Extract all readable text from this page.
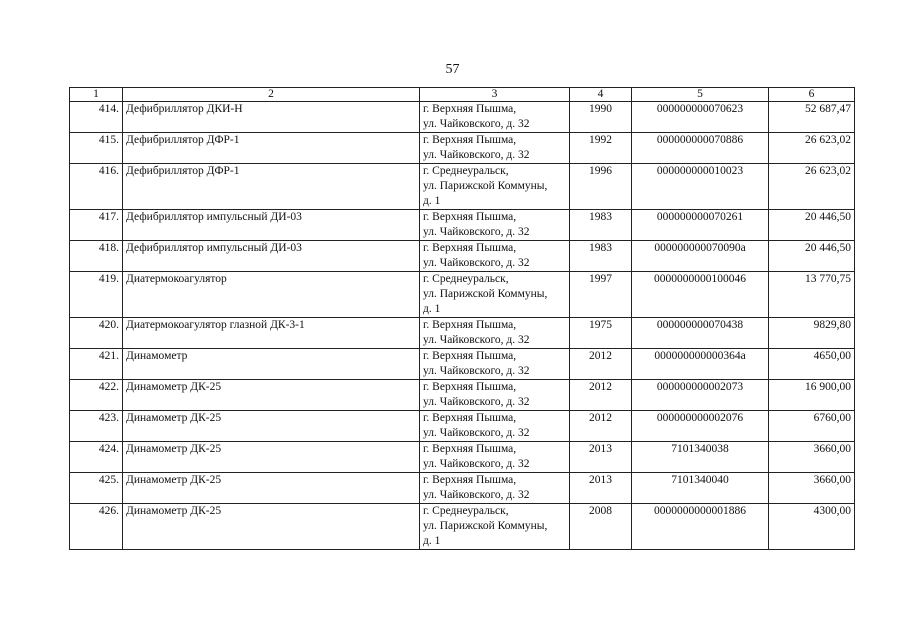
57
1	2	3	4	5	6
414.	Дефибриллятор ДКИ-Н	г. Верхняя Пышма,
ул. Чайковского, д. 32	1990	000000000070623	52 687,47
415.	Дефибриллятор ДФР-1	г. Верхняя Пышма,
ул. Чайковского, д. 32	1992	000000000070886	26 623,02
416.	Дефибриллятор ДФР-1	г. Среднеуральск,
ул. Парижской Коммуны,
д. 1	1996	000000000010023	26 623,02
417.	Дефибриллятор импульсный ДИ-03	г. Верхняя Пышма,
ул. Чайковского, д. 32	1983	000000000070261	20 446,50
418.	Дефибриллятор импульсный ДИ-03	г. Верхняя Пышма,
ул. Чайковского, д. 32	1983	000000000070090а	20 446,50
419.	Диатермокоагулятор	г. Среднеуральск,
ул. Парижской Коммуны,
д. 1	1997	0000000000100046	13 770,75
420.	Диатермокоагулятор глазной ДК-3-1	г. Верхняя Пышма,
ул. Чайковского, д. 32	1975	000000000070438	9829,80
421.	Динамометр	г. Верхняя Пышма,
ул. Чайковского, д. 32	2012	000000000000364а	4650,00
422.	Динамометр ДК-25	г. Верхняя Пышма,
ул. Чайковского, д. 32	2012	000000000002073	16 900,00
423.	Динамометр ДК-25	г. Верхняя Пышма,
ул. Чайковского, д. 32	2012	000000000002076	6760,00
424.	Динамометр ДК-25	г. Верхняя Пышма,
ул. Чайковского, д. 32	2013	7101340038	3660,00
425.	Динамометр ДК-25	г. Верхняя Пышма,
ул. Чайковского, д. 32	2013	7101340040	3660,00
426.	Динамометр ДК-25	г. Среднеуральск,
ул. Парижской Коммуны,
д. 1	2008	0000000000001886	4300,00
